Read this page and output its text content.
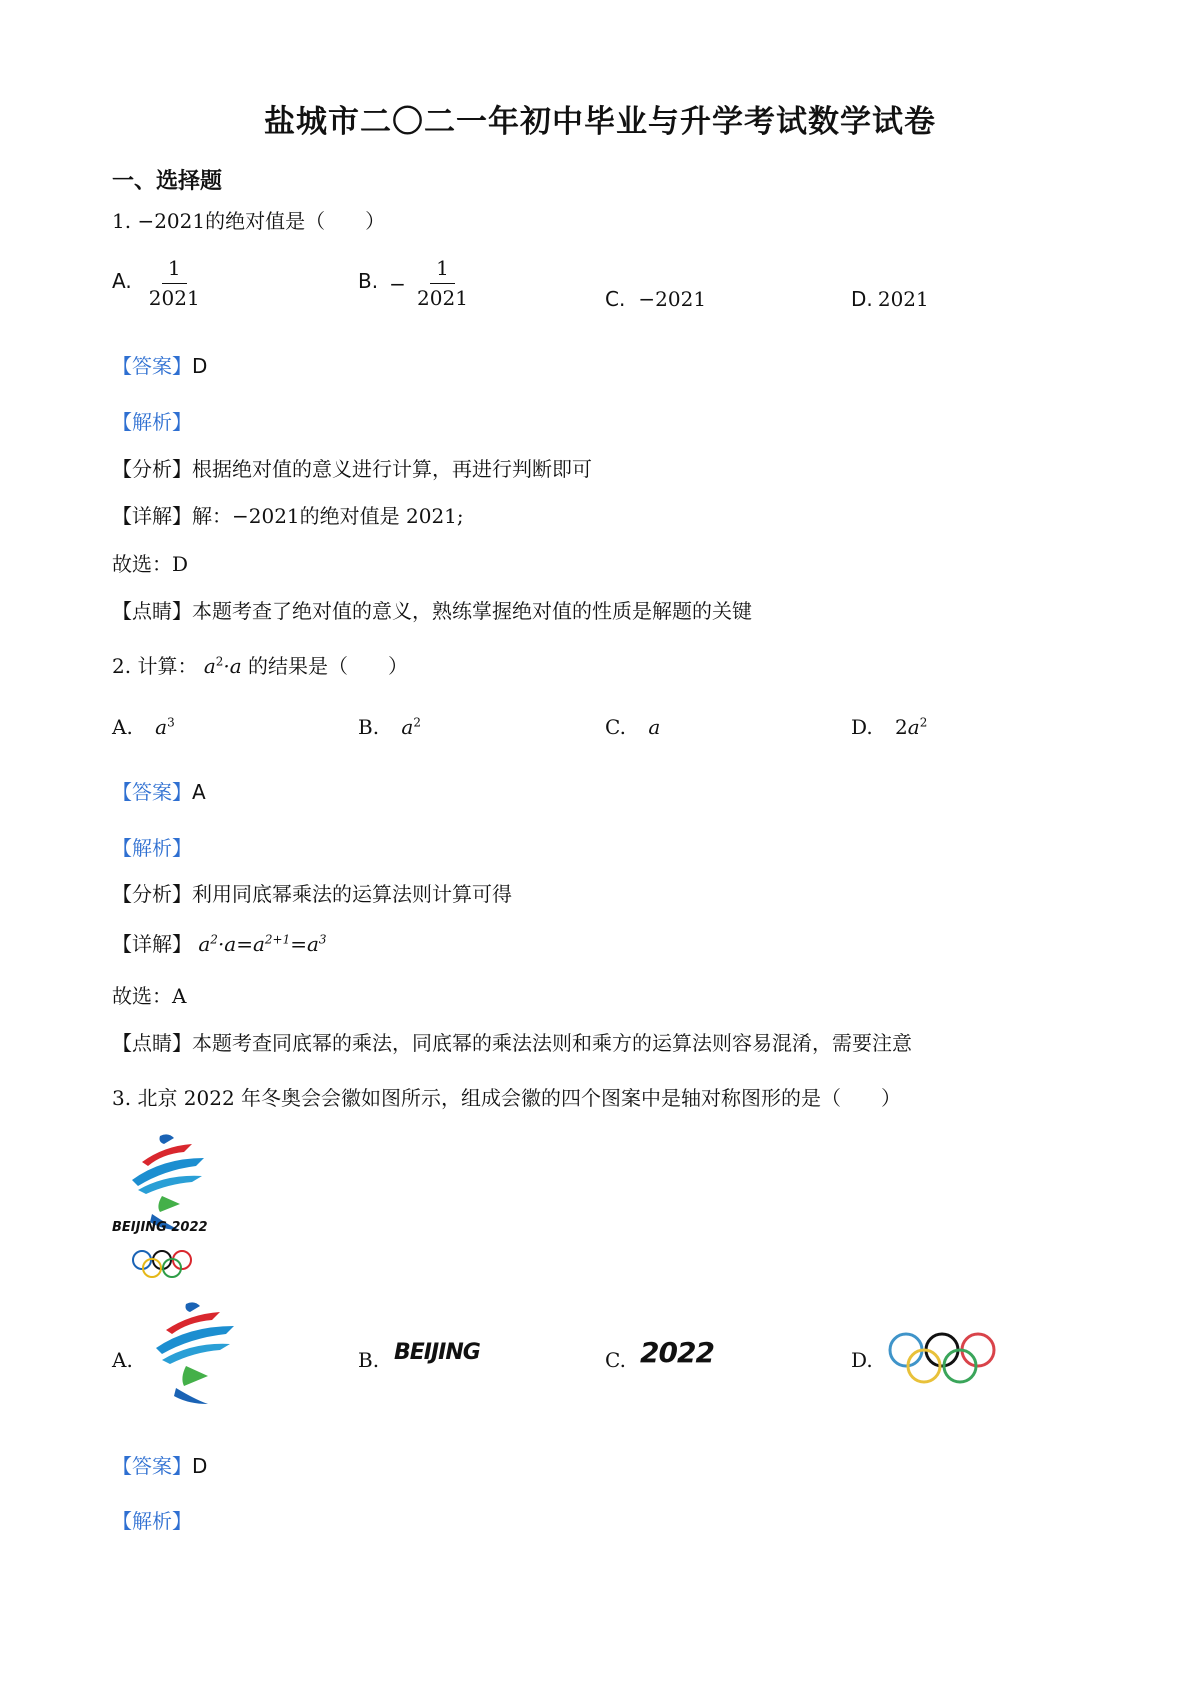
盐城市二〇二一年初中毕业与升学考试数学试卷
一、选择题
1. −2021的绝对值是（　　）
A. $\frac{1}{2021}$	B. − $\frac{1}{2021}$	C. −2021	D. 2021
【答案】D
【解析】
【分析】根据绝对值的意义进行计算，再进行判断即可
【详解】解：−2021的绝对值是 2021;
故选：D
【点睛】本题考查了绝对值的意义，熟练掌握绝对值的性质是解题的关键
2. 计算： $a^2\cdot a$ 的结果是（　　）
A. $a^3$	B. $a^2$	C. a	D. $2a^2$
【答案】A
【解析】
【分析】利用同底幂乘法的运算法则计算可得
【详解】 $a^2\cdot a=a^{2+1}=a^3$
故选：A
【点睛】本题考查同底幂的乘法，同底幂的乘法法则和乘方的运算法则容易混淆，需要注意
3. 北京 2022 年冬奥会会徽如图所示，组成会徽的四个图案中是轴对称图形的是（　　）
BEIJING 2022
A.	B. BEIJING	C. 2022	D.
【答案】D
【解析】
